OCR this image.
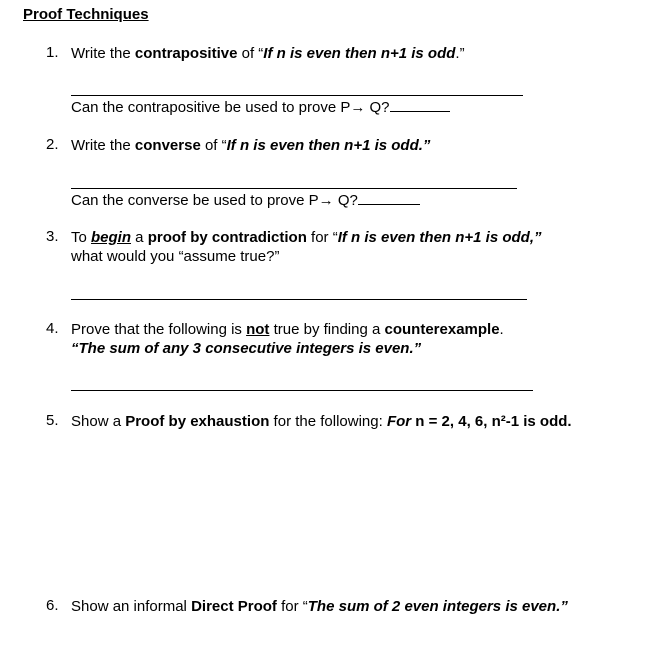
Proof Techniques
1. Write the contrapositive of “If n is even then n+1 is odd.”
Can the contrapositive be used to prove P→ Q?
2. Write the converse of “If n is even then n+1 is odd.”
Can the converse be used to prove P→ Q?
3. To begin a proof by contradiction for “If n is even then n+1 is odd,”
what would you “assume true?”
4. Prove that the following is not true by finding a counterexample.
“The sum of any 3 consecutive integers is even.”
5. Show a Proof by exhaustion for the following: For n = 2, 4, 6, n²-1 is odd.
6. Show an informal Direct Proof for “The sum of 2 even integers is even.”
